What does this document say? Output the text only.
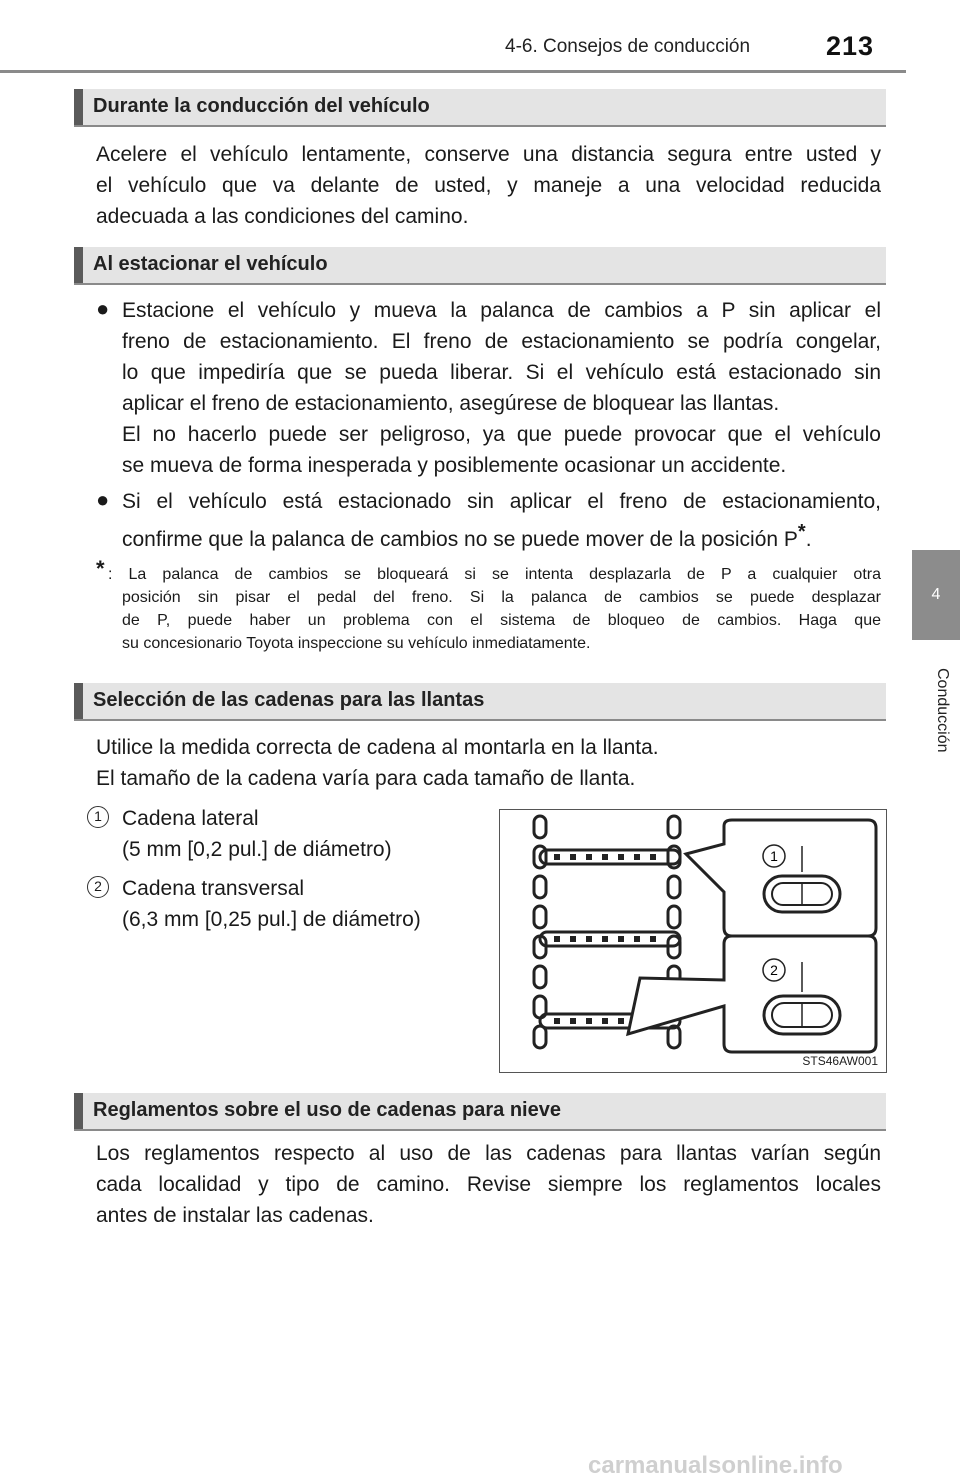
4-6. Consejos de conducción	213
4
Conducción
Durante la conducción del vehículo
Acelere el vehículo lentamente, conserve una distancia segura entre usted y
el vehículo que va delante de usted, y maneje a una velocidad reducida
adecuada a las condiciones del camino.
Al estacionar el vehículo
● Estacione el vehículo y mueva la palanca de cambios a P sin aplicar el
freno de estacionamiento. El freno de estacionamiento se podría congelar,
lo que impediría que se pueda liberar. Si el vehículo está estacionado sin
aplicar el freno de estacionamiento, asegúrese de bloquear las llantas.
El no hacerlo puede ser peligroso, ya que puede provocar que el vehículo
se mueva de forma inesperada y posiblemente ocasionar un accidente.
● Si el vehículo está estacionado sin aplicar el freno de estacionamiento,
confirme que la palanca de cambios no se puede mover de la posición P*.
* : La palanca de cambios se bloqueará si se intenta desplazarla de P a cualquier otra
posición sin pisar el pedal del freno. Si la palanca de cambios se puede desplazar
de P, puede haber un problema con el sistema de bloqueo de cambios. Haga que
su concesionario Toyota inspeccione su vehículo inmediatamente.
Selección de las cadenas para las llantas
Utilice la medida correcta de cadena al montarla en la llanta.
El tamaño de la cadena varía para cada tamaño de llanta.
1 Cadena lateral
(5 mm [0,2 pul.] de diámetro)
2 Cadena transversal
(6,3 mm [0,25 pul.] de diámetro)
1
2
STS46AW001
Reglamentos sobre el uso de cadenas para nieve
Los reglamentos respecto al uso de las cadenas para llantas varían según
cada localidad y tipo de camino. Revise siempre los reglamentos locales
antes de instalar las cadenas.
carmanualsonline.info
